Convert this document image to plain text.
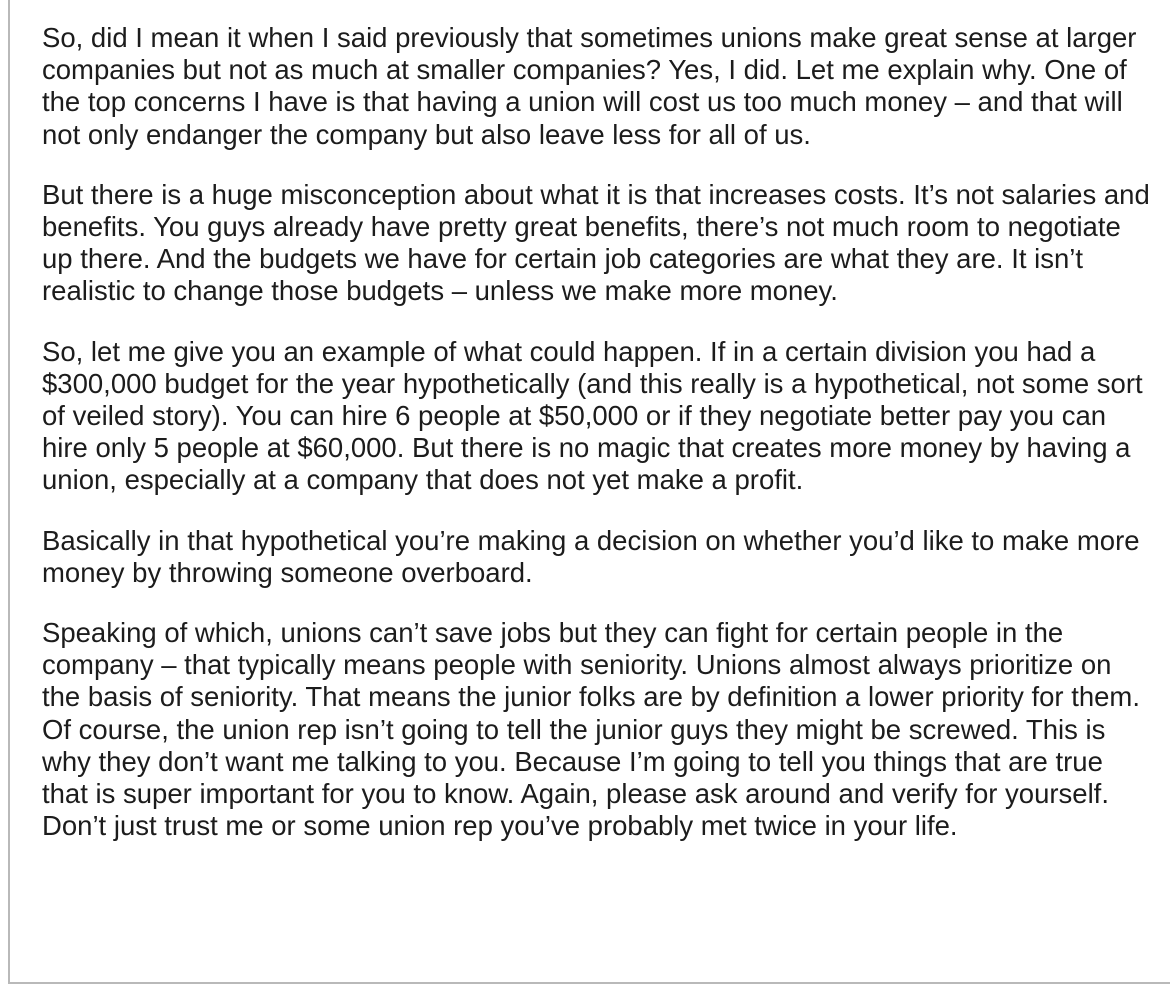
So, did I mean it when I said previously that sometimes unions make great sense at larger companies but not as much at smaller companies? Yes, I did. Let me explain why. One of the top concerns I have is that having a union will cost us too much money – and that will not only endanger the company but also leave less for all of us.

But there is a huge misconception about what it is that increases costs. It’s not salaries and benefits. You guys already have pretty great benefits, there’s not much room to negotiate up there. And the budgets we have for certain job categories are what they are. It isn’t realistic to change those budgets – unless we make more money.

So, let me give you an example of what could happen. If in a certain division you had a $300,000 budget for the year hypothetically (and this really is a hypothetical, not some sort of veiled story). You can hire 6 people at $50,000 or if they negotiate better pay you can hire only 5 people at $60,000. But there is no magic that creates more money by having a union, especially at a company that does not yet make a profit.

Basically in that hypothetical you’re making a decision on whether you’d like to make more money by throwing someone overboard.

Speaking of which, unions can’t save jobs but they can fight for certain people in the company – that typically means people with seniority. Unions almost always prioritize on the basis of seniority. That means the junior folks are by definition a lower priority for them. Of course, the union rep isn’t going to tell the junior guys they might be screwed. This is why they don’t want me talking to you. Because I’m going to tell you things that are true that is super important for you to know. Again, please ask around and verify for yourself. Don’t just trust me or some union rep you’ve probably met twice in your life.
